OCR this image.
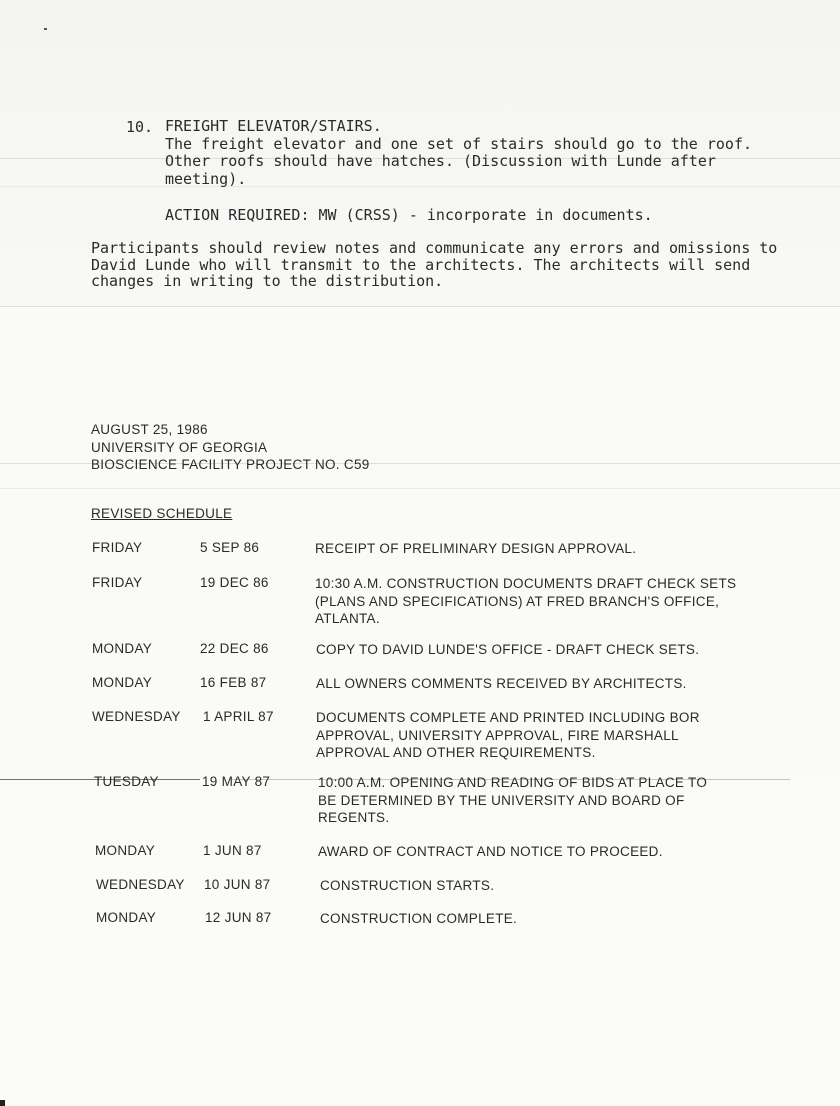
10. FREIGHT ELEVATOR/STAIRS.
The freight elevator and one set of stairs should go to the roof.
Other roofs should have hatches. (Discussion with Lunde after
meeting).
ACTION REQUIRED: MW (CRSS) - incorporate in documents.
Participants should review notes and communicate any errors and omissions to
David Lunde who will transmit to the architects. The architects will send
changes in writing to the distribution.
AUGUST 25, 1986
UNIVERSITY OF GEORGIA
BIOSCIENCE FACILITY PROJECT NO. C59
REVISED SCHEDULE
FRIDAY	5 SEP 86	RECEIPT OF PRELIMINARY DESIGN APPROVAL.
FRIDAY	19 DEC 86	10:30 A.M. CONSTRUCTION DOCUMENTS DRAFT CHECK SETS
(PLANS AND SPECIFICATIONS) AT FRED BRANCH'S OFFICE,
ATLANTA.
MONDAY	22 DEC 86	COPY TO DAVID LUNDE'S OFFICE - DRAFT CHECK SETS.
MONDAY	16 FEB 87	ALL OWNERS COMMENTS RECEIVED BY ARCHITECTS.
WEDNESDAY 1 APRIL 87	DOCUMENTS COMPLETE AND PRINTED INCLUDING BOR
APPROVAL, UNIVERSITY APPROVAL, FIRE MARSHALL
APPROVAL AND OTHER REQUIREMENTS.
TUESDAY	19 MAY 87	10:00 A.M. OPENING AND READING OF BIDS AT PLACE TO
BE DETERMINED BY THE UNIVERSITY AND BOARD OF
REGENTS.
MONDAY	1 JUN 87	AWARD OF CONTRACT AND NOTICE TO PROCEED.
WEDNESDAY 10 JUN 87	CONSTRUCTION STARTS.
MONDAY	12 JUN 87	CONSTRUCTION COMPLETE.
